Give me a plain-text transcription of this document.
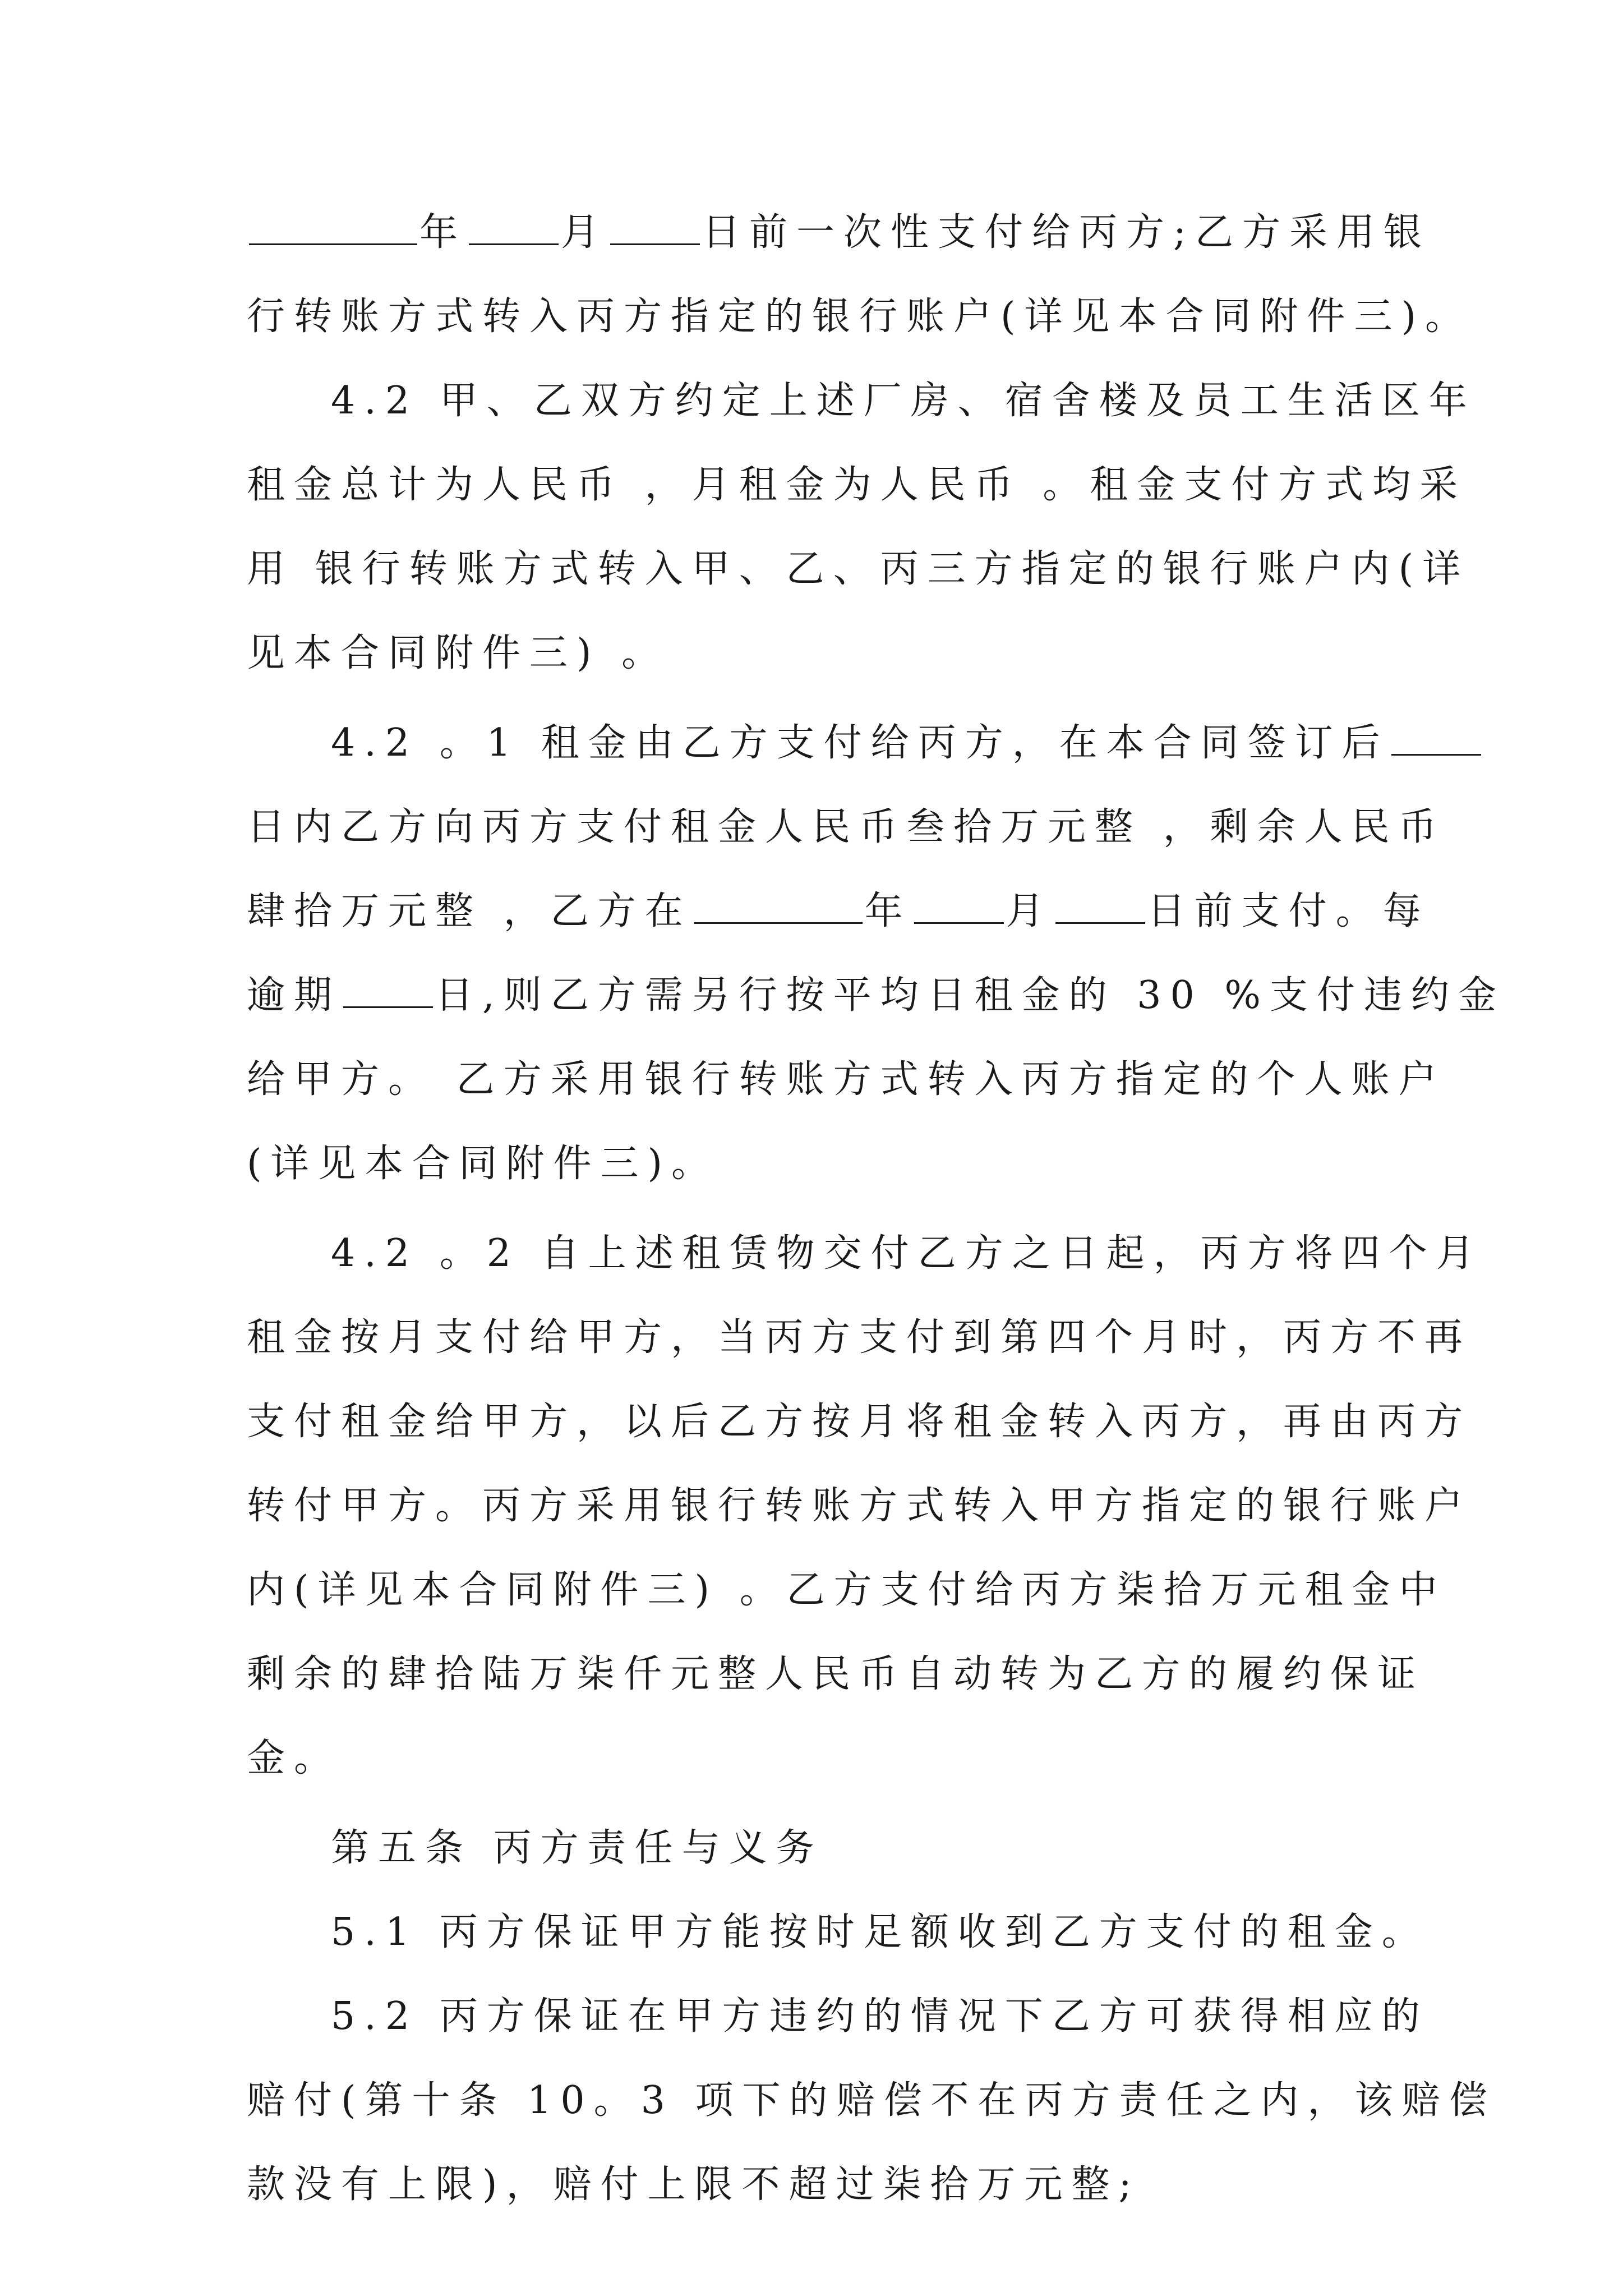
年 月 日前一次性支付给丙方;乙方采用银
行转账方式转入丙方指定的银行账户(详见本合同附件三)。
4.2 甲、乙双方约定上述厂房、宿舍楼及员工生活区年
租金总计为人民币 ，月租金为人民币 。租金支付方式均采
用 银行转账方式转入甲、乙、丙三方指定的银行账户内(详
见本合同附件三) 。
4.2 。1 租金由乙方支付给丙方，在本合同签订后
日内乙方向丙方支付租金人民币叁拾万元整 ，剩余人民币
肆拾万元整 ，乙方在	年 月 日前支付。每
逾期 日,则乙方需另行按平均日租金的 30 %支付违约金
给甲方。 乙方采用银行转账方式转入丙方指定的个人账户
(详见本合同附件三)。
4.2 。2 自上述租赁物交付乙方之日起，丙方将四个月
租金按月支付给甲方，当丙方支付到第四个月时，丙方不再
支付租金给甲方，以后乙方按月将租金转入丙方，再由丙方
转付甲方。丙方采用银行转账方式转入甲方指定的银行账户
内(详见本合同附件三) 。乙方支付给丙方柒拾万元租金中
剩余的肆拾陆万柒仟元整人民币自动转为乙方的履约保证
金。
第五条 丙方责任与义务
5.1 丙方保证甲方能按时足额收到乙方支付的租金。
5.2 丙方保证在甲方违约的情况下乙方可获得相应的
赔付(第十条 10。3 项下的赔偿不在丙方责任之内，该赔偿
款没有上限)，赔付上限不超过柒拾万元整;
